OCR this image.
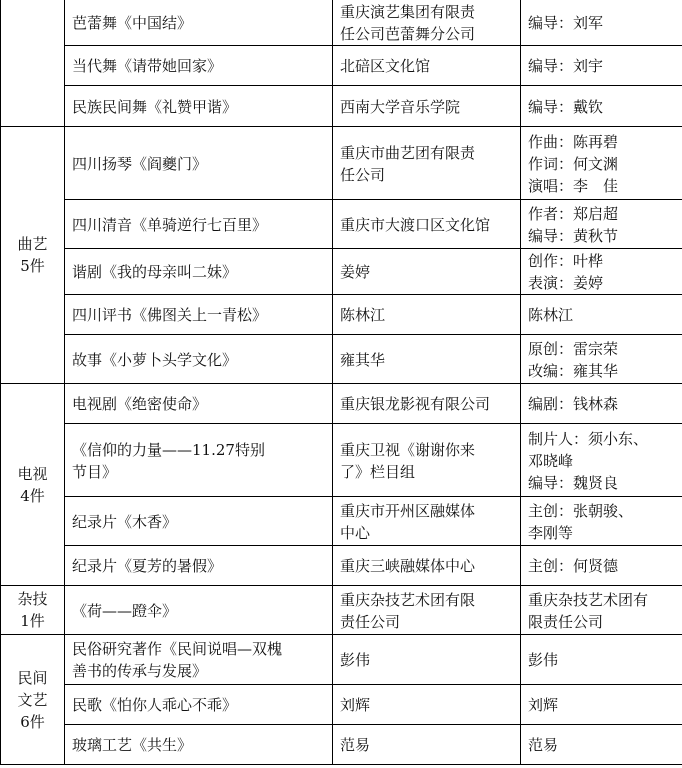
	芭蕾舞《中国结》	重庆演艺集团有限责
任公司芭蕾舞分公司	编导：刘军

	当代舞《请带她回家》	北碚区文化馆	编导：刘宇

	民族民间舞《礼赞甲谐》	西南大学音乐学院	编导：戴钦

曲艺
5件	四川扬琴《阎夔门》	重庆市曲艺团有限责
任公司	作曲：陈再碧
作词：何文渊
演唱：李　佳

	四川清音《单骑逆行七百里》	重庆市大渡口区文化馆	作者：郑启超
编导：黄秋节

	谐剧《我的母亲叫二妹》	姜婷	创作：叶桦
表演：姜婷

	四川评书《佛图关上一青松》	陈林江	陈林江

	故事《小萝卜头学文化》	雍其华	原创：雷宗荣
改编：雍其华

电视
4件	电视剧《绝密使命》	重庆银龙影视有限公司	编剧：钱林森

	《信仰的力量——11.27特别
节目》	重庆卫视《谢谢你来
了》栏目组	制片人：须小东、
邓晓峰
编导：魏贤良

	纪录片《木香》	重庆市开州区融媒体
中心	主创：张朝骏、
李刚等

	纪录片《夏芳的暑假》	重庆三峡融媒体中心	主创：何贤德

杂技
1件	《荷——蹬伞》	重庆杂技艺术团有限
责任公司	重庆杂技艺术团有
限责任公司

民间
文艺
6件	民俗研究著作《民间说唱—双槐
善书的传承与发展》	彭伟	彭伟

	民歌《怕你人乖心不乖》	刘辉	刘辉

	玻璃工艺《共生》	范易	范易
